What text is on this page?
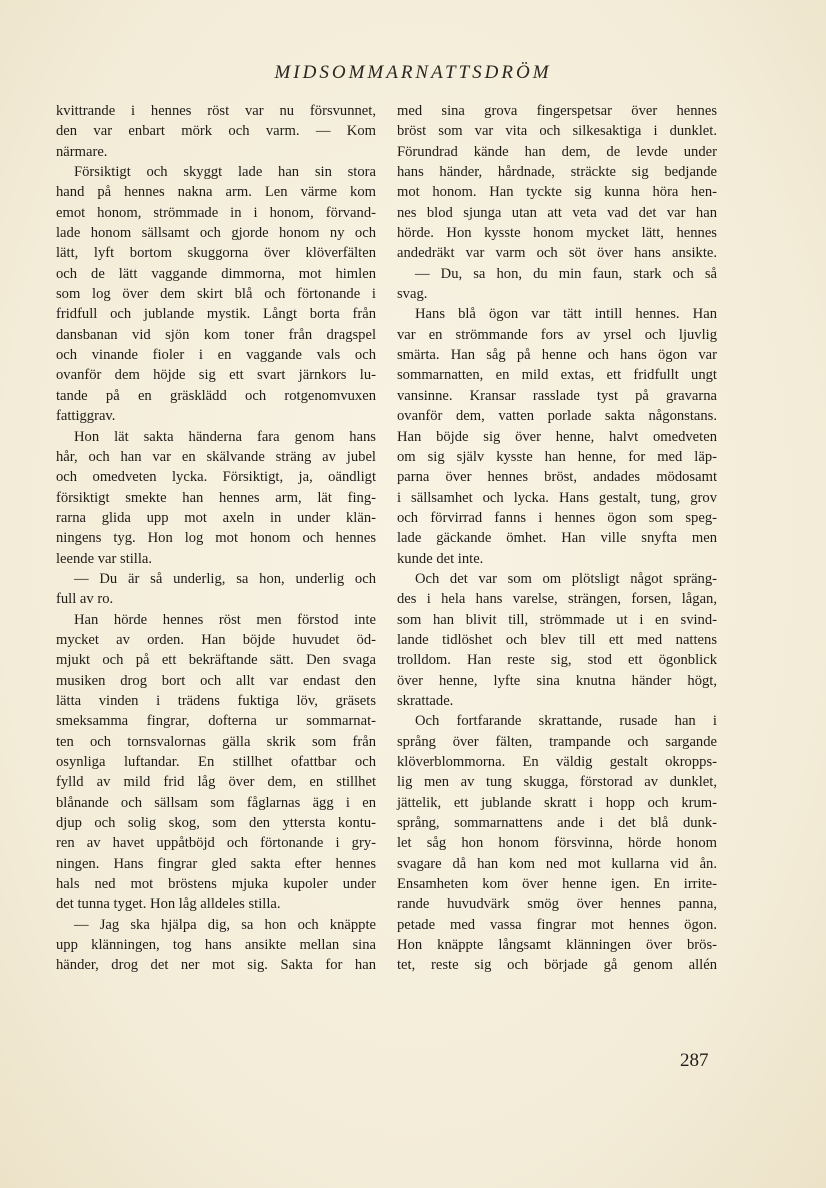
MIDSOMMARNATTSDRÖM
kvittrande i hennes röst var nu försvunnet,
den var enbart mörk och varm. — Kom
närmare.
Försiktigt och skyggt lade han sin stora
hand på hennes nakna arm. Len värme kom
emot honom, strömmade in i honom, förvand-
lade honom sällsamt och gjorde honom ny och
lätt, lyft bortom skuggorna över klöverfälten
och de lätt vaggande dimmorna, mot himlen
som log över dem skirt blå och förtonande i
fridfull och jublande mystik. Långt borta från
dansbanan vid sjön kom toner från dragspel
och vinande fioler i en vaggande vals och
ovanför dem höjde sig ett svart järnkors lu-
tande på en gräsklädd och rotgenomvuxen
fattiggrav.
Hon lät sakta händerna fara genom hans
hår, och han var en skälvande sträng av jubel
och omedveten lycka. Försiktigt, ja, oändligt
försiktigt smekte han hennes arm, lät fing-
rarna glida upp mot axeln in under klän-
ningens tyg. Hon log mot honom och hennes
leende var stilla.
— Du är så underlig, sa hon, underlig och
full av ro.
Han hörde hennes röst men förstod inte
mycket av orden. Han böjde huvudet öd-
mjukt och på ett bekräftande sätt. Den svaga
musiken drog bort och allt var endast den
lätta vinden i trädens fuktiga löv, gräsets
smeksamma fingrar, dofterna ur sommarnat-
ten och tornsvalornas gälla skrik som från
osynliga luftandar. En stillhet ofattbar och
fylld av mild frid låg över dem, en stillhet
blånande och sällsam som fåglarnas ägg i en
djup och solig skog, som den yttersta kontu-
ren av havet uppåtböjd och förtonande i gry-
ningen. Hans fingrar gled sakta efter hennes
hals ned mot bröstens mjuka kupoler under
det tunna tyget. Hon låg alldeles stilla.
— Jag ska hjälpa dig, sa hon och knäppte
upp klänningen, tog hans ansikte mellan sina
händer, drog det ner mot sig. Sakta for han
med sina grova fingerspetsar över hennes
bröst som var vita och silkesaktiga i dunklet.
Förundrad kände han dem, de levde under
hans händer, hårdnade, sträckte sig bedjande
mot honom. Han tyckte sig kunna höra hen-
nes blod sjunga utan att veta vad det var han
hörde. Hon kysste honom mycket lätt, hennes
andedräkt var varm och söt över hans ansikte.
— Du, sa hon, du min faun, stark och så
svag.
Hans blå ögon var tätt intill hennes. Han
var en strömmande fors av yrsel och ljuvlig
smärta. Han såg på henne och hans ögon var
sommarnatten, en mild extas, ett fridfullt ungt
vansinne. Kransar rasslade tyst på gravarna
ovanför dem, vatten porlade sakta någonstans.
Han böjde sig över henne, halvt omedveten
om sig själv kysste han henne, for med läp-
parna över hennes bröst, andades mödosamt
i sällsamhet och lycka. Hans gestalt, tung, grov
och förvirrad fanns i hennes ögon som speg-
lade gäckande ömhet. Han ville snyfta men
kunde det inte.
Och det var som om plötsligt något spräng-
des i hela hans varelse, strängen, forsen, lågan,
som han blivit till, strömmade ut i en svind-
lande tidlöshet och blev till ett med nattens
trolldom. Han reste sig, stod ett ögonblick
över henne, lyfte sina knutna händer högt,
skrattade.
Och fortfarande skrattande, rusade han i
språng över fälten, trampande och sargande
klöverblommorna. En väldig gestalt okropps-
lig men av tung skugga, förstorad av dunklet,
jättelik, ett jublande skratt i hopp och krum-
språng, sommarnattens ande i det blå dunk-
let såg hon honom försvinna, hörde honom
svagare då han kom ned mot kullarna vid ån.
Ensamheten kom över henne igen. En irrite-
rande huvudvärk smög över hennes panna,
petade med vassa fingrar mot hennes ögon.
Hon knäppte långsamt klänningen över brös-
tet, reste sig och började gå genom allén
287
